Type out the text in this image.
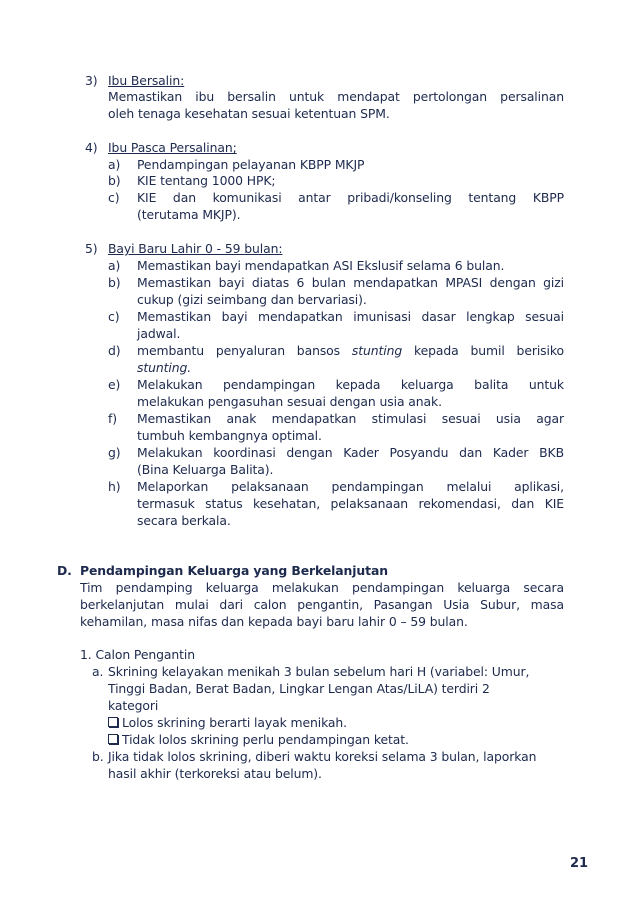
3) Ibu Bersalin:
Memastikan ibu bersalin untuk mendapat pertolongan persalinan
oleh tenaga kesehatan sesuai ketentuan SPM.
4) Ibu Pasca Persalinan;
a) Pendampingan pelayanan KBPP MKJP
b) KIE tentang 1000 HPK;
c) KIE dan komunikasi antar pribadi/konseling tentang KBPP
(terutama MKJP).
5) Bayi Baru Lahir 0 - 59 bulan:
a) Memastikan bayi mendapatkan ASI Ekslusif selama 6 bulan.
b) Memastikan bayi diatas 6 bulan mendapatkan MPASI dengan gizi
cukup (gizi seimbang dan bervariasi).
c) Memastikan bayi mendapatkan imunisasi dasar lengkap sesuai
jadwal.
d) membantu penyaluran bansos stunting kepada bumil berisiko
stunting.
e) Melakukan pendampingan kepada keluarga balita untuk
melakukan pengasuhan sesuai dengan usia anak.
f) Memastikan anak mendapatkan stimulasi sesuai usia agar
tumbuh kembangnya optimal.
g) Melakukan koordinasi dengan Kader Posyandu dan Kader BKB
(Bina Keluarga Balita).
h) Melaporkan pelaksanaan pendampingan melalui aplikasi,
termasuk status kesehatan, pelaksanaan rekomendasi, dan KIE
secara berkala.
D. Pendampingan Keluarga yang Berkelanjutan
Tim pendamping keluarga melakukan pendampingan keluarga secara
berkelanjutan mulai dari calon pengantin, Pasangan Usia Subur, masa
kehamilan, masa nifas dan kepada bayi baru lahir 0 – 59 bulan.
1. Calon Pengantin
a. Skrining kelayakan menikah 3 bulan sebelum hari H (variabel: Umur,
Tinggi Badan, Berat Badan, Lingkar Lengan Atas/LiLA) terdiri 2
kategori
Lolos skrining berarti layak menikah.
Tidak lolos skrining perlu pendampingan ketat.
b. Jika tidak lolos skrining, diberi waktu koreksi selama 3 bulan, laporkan
hasil akhir (terkoreksi atau belum).
21
